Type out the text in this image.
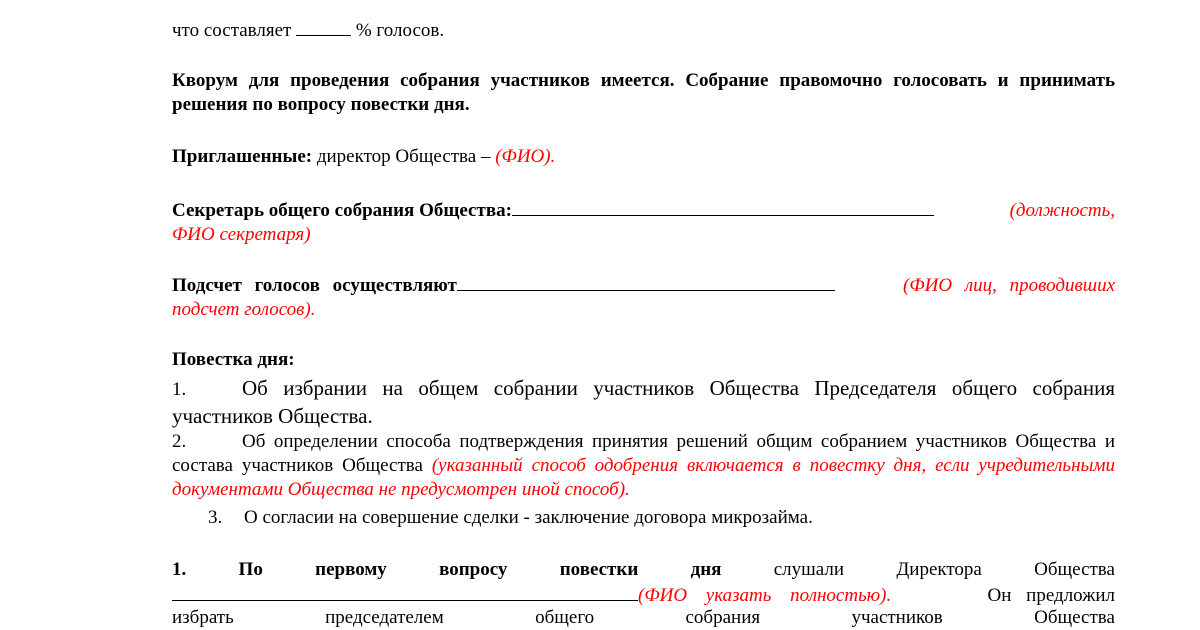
что составляет	% голосов.
Кворум для проведения собрания участников имеется. Собрание правомочно голосовать и принимать решения по вопросу повестки дня.
Приглашенные: директор Общества – (ФИО).
Секретарь общего собрания Общества:	(должность,
ФИО секретаря)
Подсчет голосов осуществляют	(ФИО лиц, проводивших
подсчет голосов).
Повестка дня:
1.	Об избрании на общем собрании участников Общества Председателя общего собрания участников Общества.
2.	Об определении способа подтверждения принятия решений общим собранием участников Общества и состава участников Общества (указанный способ одобрения включается в повестку дня, если учредительными документами Общества не предусмотрен иной способ).
3. О согласии на совершение сделки - заключение договора микрозайма.
1.	По	первому	вопросу	повестки	дня	слушали	Директора	Общества
(ФИО указать полностью).	Он предложил
избрать	председателем	общего	собрания	участников	Общества
